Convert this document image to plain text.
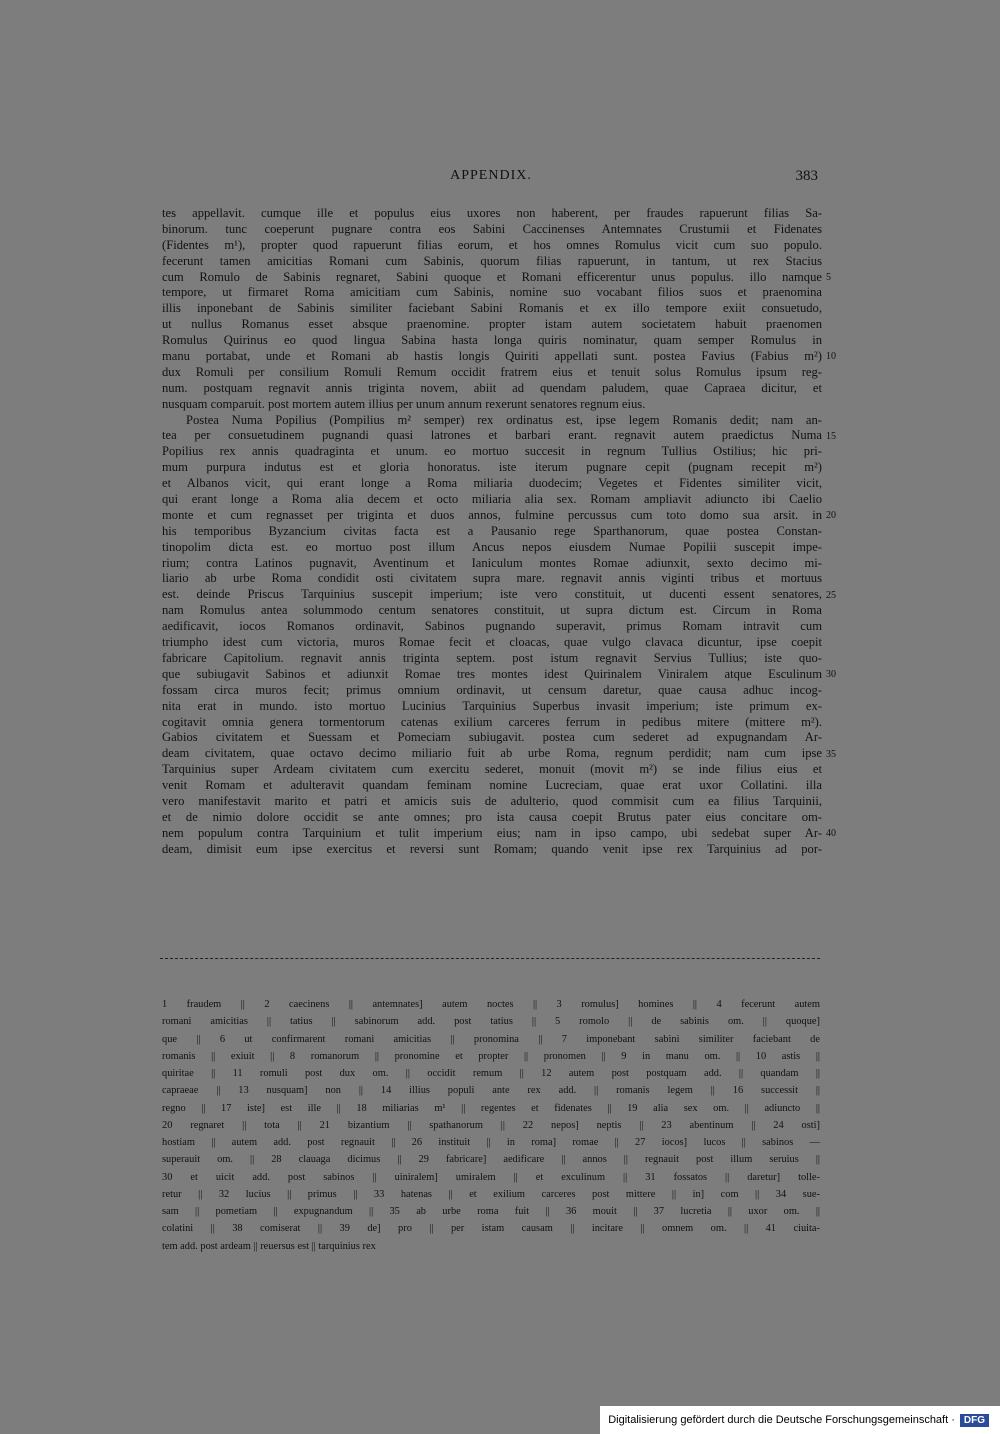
APPENDIX.	383
tes appellavit. cumque ille et populus eius uxores non haberent, per fraudes rapuerunt filias Sa-
binorum. tunc coeperunt pugnare contra eos Sabini Caccinenses Antemnates Crustumii et Fidenates
(Fidentes m¹), propter quod rapuerunt filias eorum, et hos omnes Romulus vicit cum suo populo.
fecerunt tamen amicitias Romani cum Sabinis, quorum filias rapuerunt, in tantum, ut rex Stacius
cum Romulo de Sabinis regnaret, Sabini quoque et Romani efficerentur unus populus. illo namque
tempore, ut firmaret Roma amicitiam cum Sabinis, nomine suo vocabant filios suos et praenomina
illis inponebant de Sabinis similiter faciebant Sabini Romanis et ex illo tempore exiit consuetudo,
ut nullus Romanus esset absque praenomine. propter istam autem societatem habuit praenomen
Romulus Quirinus eo quod lingua Sabina hasta longa quiris nominatur, quam semper Romulus in
manu portabat, unde et Romani ab hastis longis Quiriti appellati sunt. postea Favius (Fabius m²)
dux Romuli per consilium Romuli Remum occidit fratrem eius et tenuit solus Romulus ipsum reg-
num. postquam regnavit annis triginta novem, abiit ad quendam paludem, quae Capraea dicitur, et
nusquam comparuit. post mortem autem illius per unum annum rexerunt senatores regnum eius.
Postea Numa Popilius (Pompilius m² semper) rex ordinatus est, ipse legem Romanis dedit; nam an-
tea per consuetudinem pugnandi quasi latrones et barbari erant. regnavit autem praedictus Numa
Popilius rex annis quadraginta et unum. eo mortuo succesit in regnum Tullius Ostilius; hic pri-
mum purpura indutus est et gloria honoratus. iste iterum pugnare cepit (pugnam recepit m²)
et Albanos vicit, qui erant longe a Roma miliaria duodecim; Vegetes et Fidentes similiter vicit,
qui erant longe a Roma alia decem et octo miliaria alia sex. Romam ampliavit adiuncto ibi Caelio
monte et cum regnasset per triginta et duos annos, fulmine percussus cum toto domo sua arsit. in
his temporibus Byzancium civitas facta est a Pausanio rege Sparthanorum, quae postea Constan-
tinopolim dicta est. eo mortuo post illum Ancus nepos eiusdem Numae Popilii suscepit impe-
rium; contra Latinos pugnavit, Aventinum et Ianiculum montes Romae adiunxit, sexto decimo mi-
liario ab urbe Roma condidit osti civitatem supra mare. regnavit annis viginti tribus et mortuus
est. deinde Priscus Tarquinius suscepit imperium; iste vero constituit, ut ducenti essent senatores,
nam Romulus antea solummodo centum senatores constituit, ut supra dictum est. Circum in Roma
aedificavit, iocos Romanos ordinavit, Sabinos pugnando superavit, primus Romam intravit cum
triumpho idest cum victoria, muros Romae fecit et cloacas, quae vulgo clavaca dicuntur, ipse coepit
fabricare Capitolium. regnavit annis triginta septem. post istum regnavit Servius Tullius; iste quo-
que subiugavit Sabinos et adiunxit Romae tres montes idest Quirinalem Viniralem atque Esculinum
fossam circa muros fecit; primus omnium ordinavit, ut censum daretur, quae causa adhuc incog-
nita erat in mundo. isto mortuo Lucinius Tarquinius Superbus invasit imperium; iste primum ex-
cogitavit omnia genera tormentorum catenas exilium carceres ferrum in pedibus mitere (mittere m²).
Gabios civitatem et Suessam et Pomeciam subiugavit. postea cum sederet ad expugnandam Ar-
deam civitatem, quae octavo decimo miliario fuit ab urbe Roma, regnum perdidit; nam cum ipse
Tarquinius super Ardeam civitatem cum exercitu sederet, monuit (movit m²) se inde filius eius et
venit Romam et adulteravit quandam feminam nomine Lucreciam, quae erat uxor Collatini. illa
vero manifestavit marito et patri et amicis suis de adulterio, quod commisit cum ea filius Tarquinii,
et de nimio dolore occidit se ante omnes; pro ista causa coepit Brutus pater eius concitare om-
nem populum contra Tarquinium et tulit imperium eius; nam in ipso campo, ubi sedebat super Ar-
deam, dimisit eum ipse exercitus et reversi sunt Romam; quando venit ipse rex Tarquinius ad por-
5
10
15
20
25
30
35
40
1 fraudem || 2 caecinens || antemnates] autem noctes || 3 romulus] homines || 4 fecerunt autem
romani amicitias || tatius || sabinorum add. post tatius || 5 romolo || de sabinis om. || quoque]
que || 6 ut confirmarent romani amicitias || pronomina || 7 imponebant sabini similiter faciebant de
romanis || exiuit || 8 romanorum || pronomine et propter || pronomen || 9 in manu om. || 10 astis ||
quiritae || 11 romuli post dux om. || occidit remum || 12 autem post postquam add. || quandam ||
capraeae || 13 nusquam] non || 14 illius populi ante rex add. || romanis legem || 16 successit ||
regno || 17 iste] est ille || 18 miliarias m¹ || regentes et fidenates || 19 alia sex om. || adiuncto ||
20 regnaret || tota || 21 bizantium || spathanorum || 22 nepos] neptis || 23 abentinum || 24 osti]
hostiam || autem add. post regnauit || 26 instituit || in roma] romae || 27 iocos] lucos || sabinos —
superauit om. || 28 clauaga dicimus || 29 fabricare] aedificare || annos || regnauit post illum seruius ||
30 et uicit add. post sabinos || uiniralem] umiralem || et exculinum || 31 fossatos || daretur] tolle-
retur || 32 lucius || primus || 33 hatenas || et exilium carceres post mittere || in] com || 34 sue-
sam || pometiam || expugnandum || 35 ab urbe roma fuit || 36 mouit || 37 lucretia || uxor om. ||
colatini || 38 comiserat || 39 de] pro || per istam causam || incitare || omnem om. || 41 ciuita-
tem add. post ardeam || reuersus est || tarquinius rex
Digitalisierung gefördert durch die Deutsche Forschungsgemeinschaft · DFG
